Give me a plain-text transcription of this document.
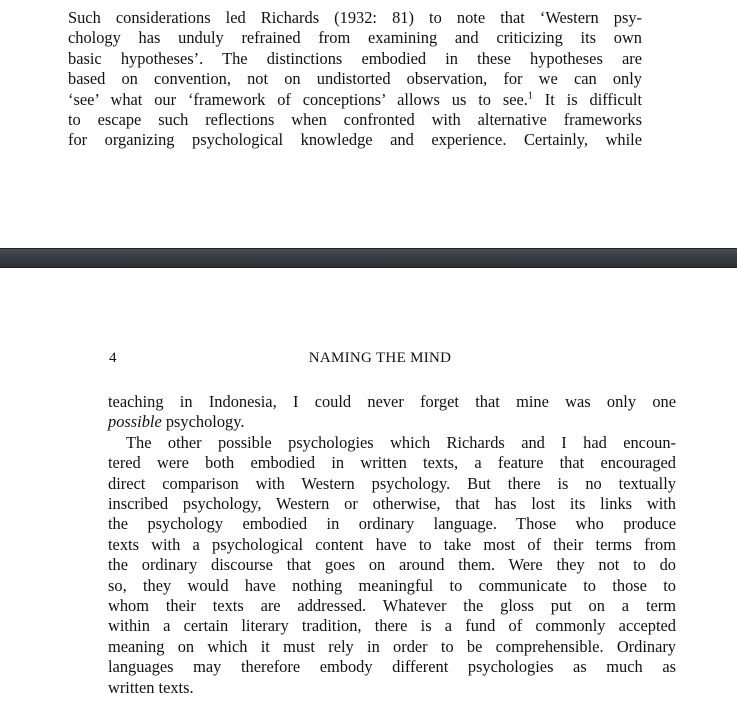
Such considerations led Richards (1932: 81) to note that ‘Western psy-
chology has unduly refrained from examining and criticizing its own
basic hypotheses’. The distinctions embodied in these hypotheses are
based on convention, not on undistorted observation, for we can only
‘see’ what our ‘framework of conceptions’ allows us to see.$^1$ It is difficult
to escape such reflections when confronted with alternative frameworks
for organizing psychological knowledge and experience. Certainly, while
4	NAMING THE MIND
teaching in Indonesia, I could never forget that mine was only one
possible psychology.
The other possible psychologies which Richards and I had encoun-
tered were both embodied in written texts, a feature that encouraged
direct comparison with Western psychology. But there is no textually
inscribed psychology, Western or otherwise, that has lost its links with
the psychology embodied in ordinary language. Those who produce
texts with a psychological content have to take most of their terms from
the ordinary discourse that goes on around them. Were they not to do
so, they would have nothing meaningful to communicate to those to
whom their texts are addressed. Whatever the gloss put on a term
within a certain literary tradition, there is a fund of commonly accepted
meaning on which it must rely in order to be comprehensible. Ordinary
languages may therefore embody different psychologies as much as
written texts.
